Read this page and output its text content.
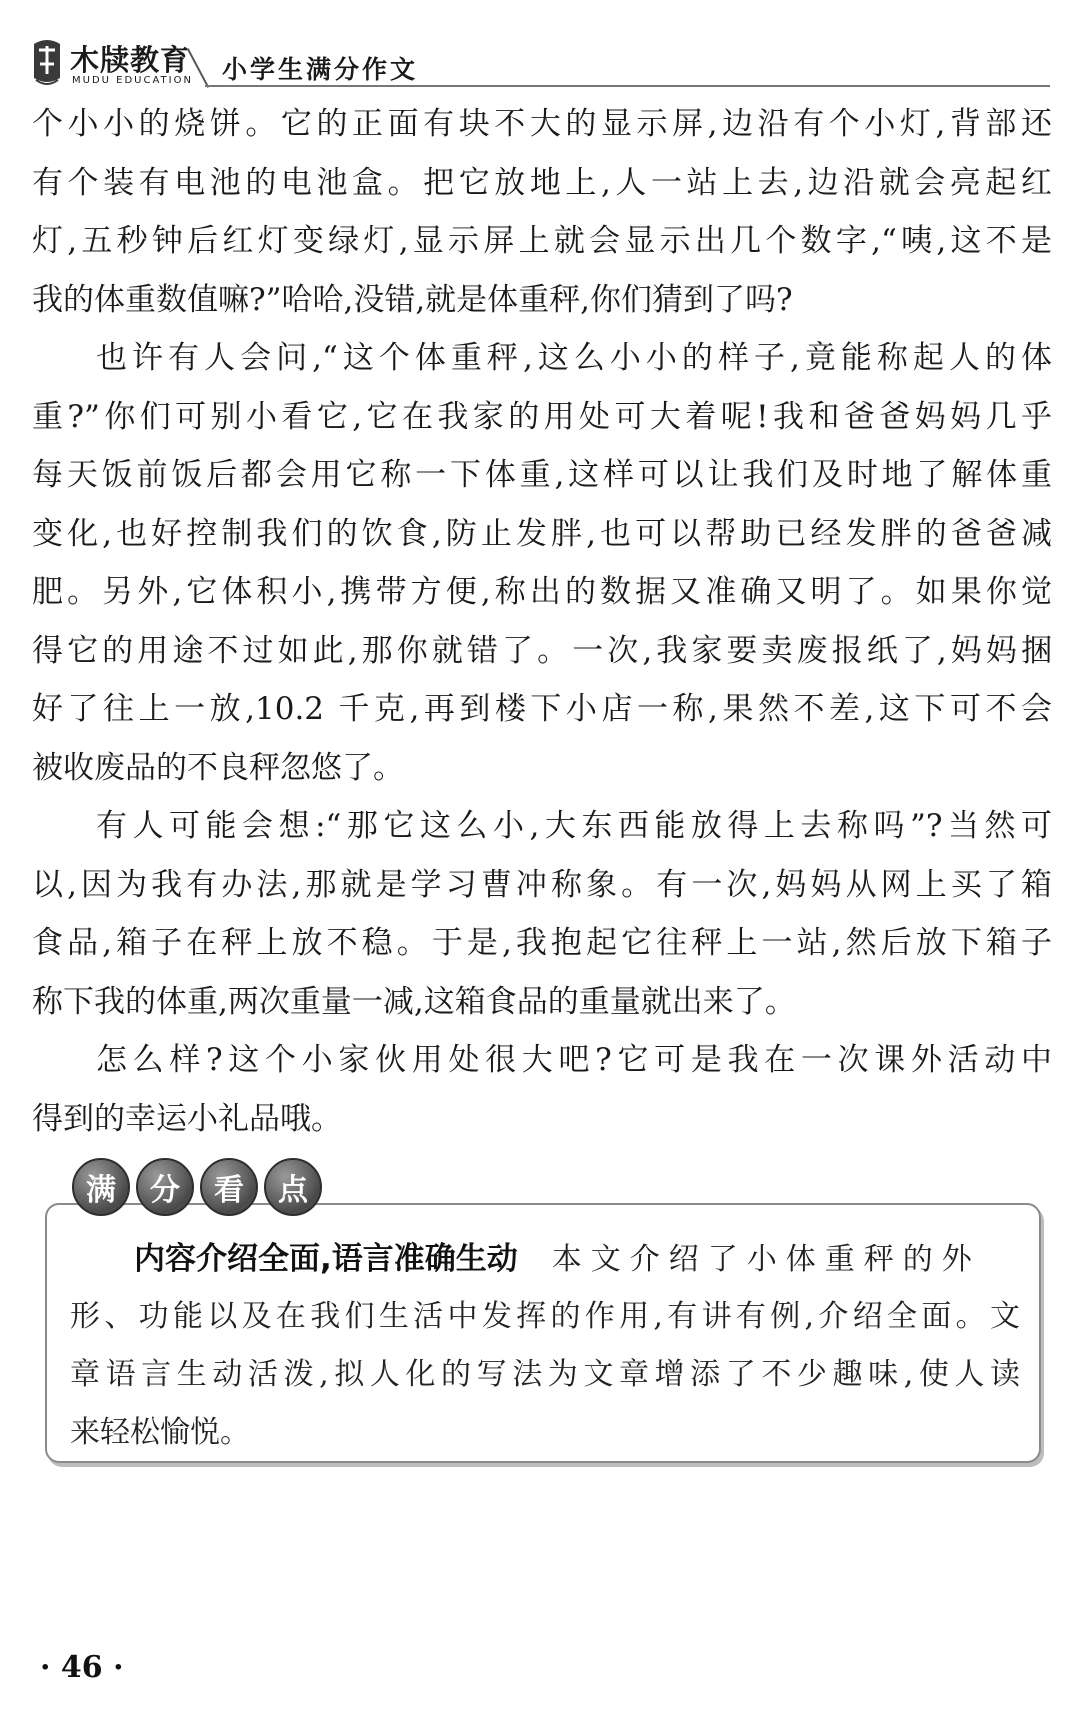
木牍教育
MUDU EDUCATION 小学生满分作文
个小小的烧饼。它的正面有块不大的显示屏,边沿有个小灯,背部还
有个装有电池的电池盒。把它放地上,人一站上去,边沿就会亮起红
灯,五秒钟后红灯变绿灯,显示屏上就会显示出几个数字,“咦,这不是
我的体重数值嘛?”哈哈,没错,就是体重秤,你们猜到了吗?
也许有人会问,“这个体重秤,这么小小的样子,竟能称起人的体
重?”你们可别小看它,它在我家的用处可大着呢!我和爸爸妈妈几乎
每天饭前饭后都会用它称一下体重,这样可以让我们及时地了解体重
变化,也好控制我们的饮食,防止发胖,也可以帮助已经发胖的爸爸减
肥。另外,它体积小,携带方便,称出的数据又准确又明了。如果你觉
得它的用途不过如此,那你就错了。一次,我家要卖废报纸了,妈妈捆
好了往上一放,10.2 千克,再到楼下小店一称,果然不差,这下可不会
被收废品的不良秤忽悠了。
有人可能会想:“那它这么小,大东西能放得上去称吗”?当然可
以,因为我有办法,那就是学习曹冲称象。有一次,妈妈从网上买了箱
食品,箱子在秤上放不稳。于是,我抱起它往秤上一站,然后放下箱子
称下我的体重,两次重量一减,这箱食品的重量就出来了。
怎么样?这个小家伙用处很大吧?它可是我在一次课外活动中
得到的幸运小礼品哦。
满	分	看	点
内容介绍全面,语言准确生动 本文介绍了小体重秤的外
形、功能以及在我们生活中发挥的作用,有讲有例,介绍全面。文
章语言生动活泼,拟人化的写法为文章增添了不少趣味,使人读
来轻松愉悦。
· 46 ·
